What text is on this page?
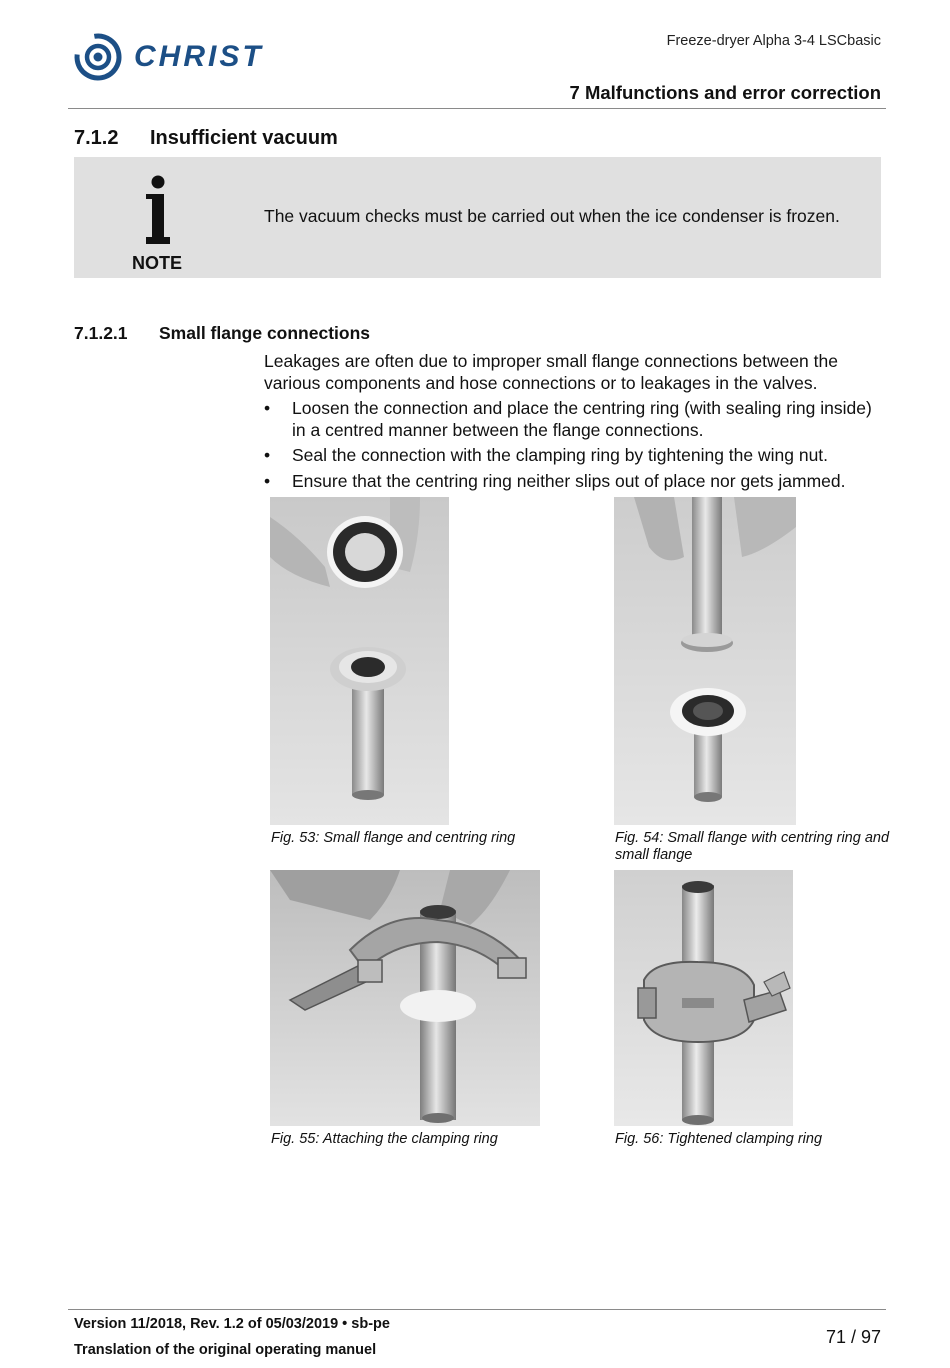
CHRIST	Freeze-dryer Alpha 3-4 LSCbasic
7 Malfunctions and error correction
7.1.2 Insufficient vacuum
NOTE
The vacuum checks must be carried out when the ice condenser is frozen.
7.1.2.1 Small flange connections

Leakages are often due to improper small flange connections between the various components and hose connections or to leakages in the valves.

• Loosen the connection and place the centring ring (with sealing ring inside) in a centred manner between the flange connections.
• Seal the connection with the clamping ring by tightening the wing nut.
• Ensure that the centring ring neither slips out of place nor gets jammed.
Fig. 53: Small flange and centring ring	Fig. 54: Small flange with centring ring and small flange
Fig. 55: Attaching the clamping ring	Fig. 56: Tightened clamping ring
Version 11/2018, Rev. 1.2 of 05/03/2019 • sb-pe
Translation of the original operating manuel
71 / 97
